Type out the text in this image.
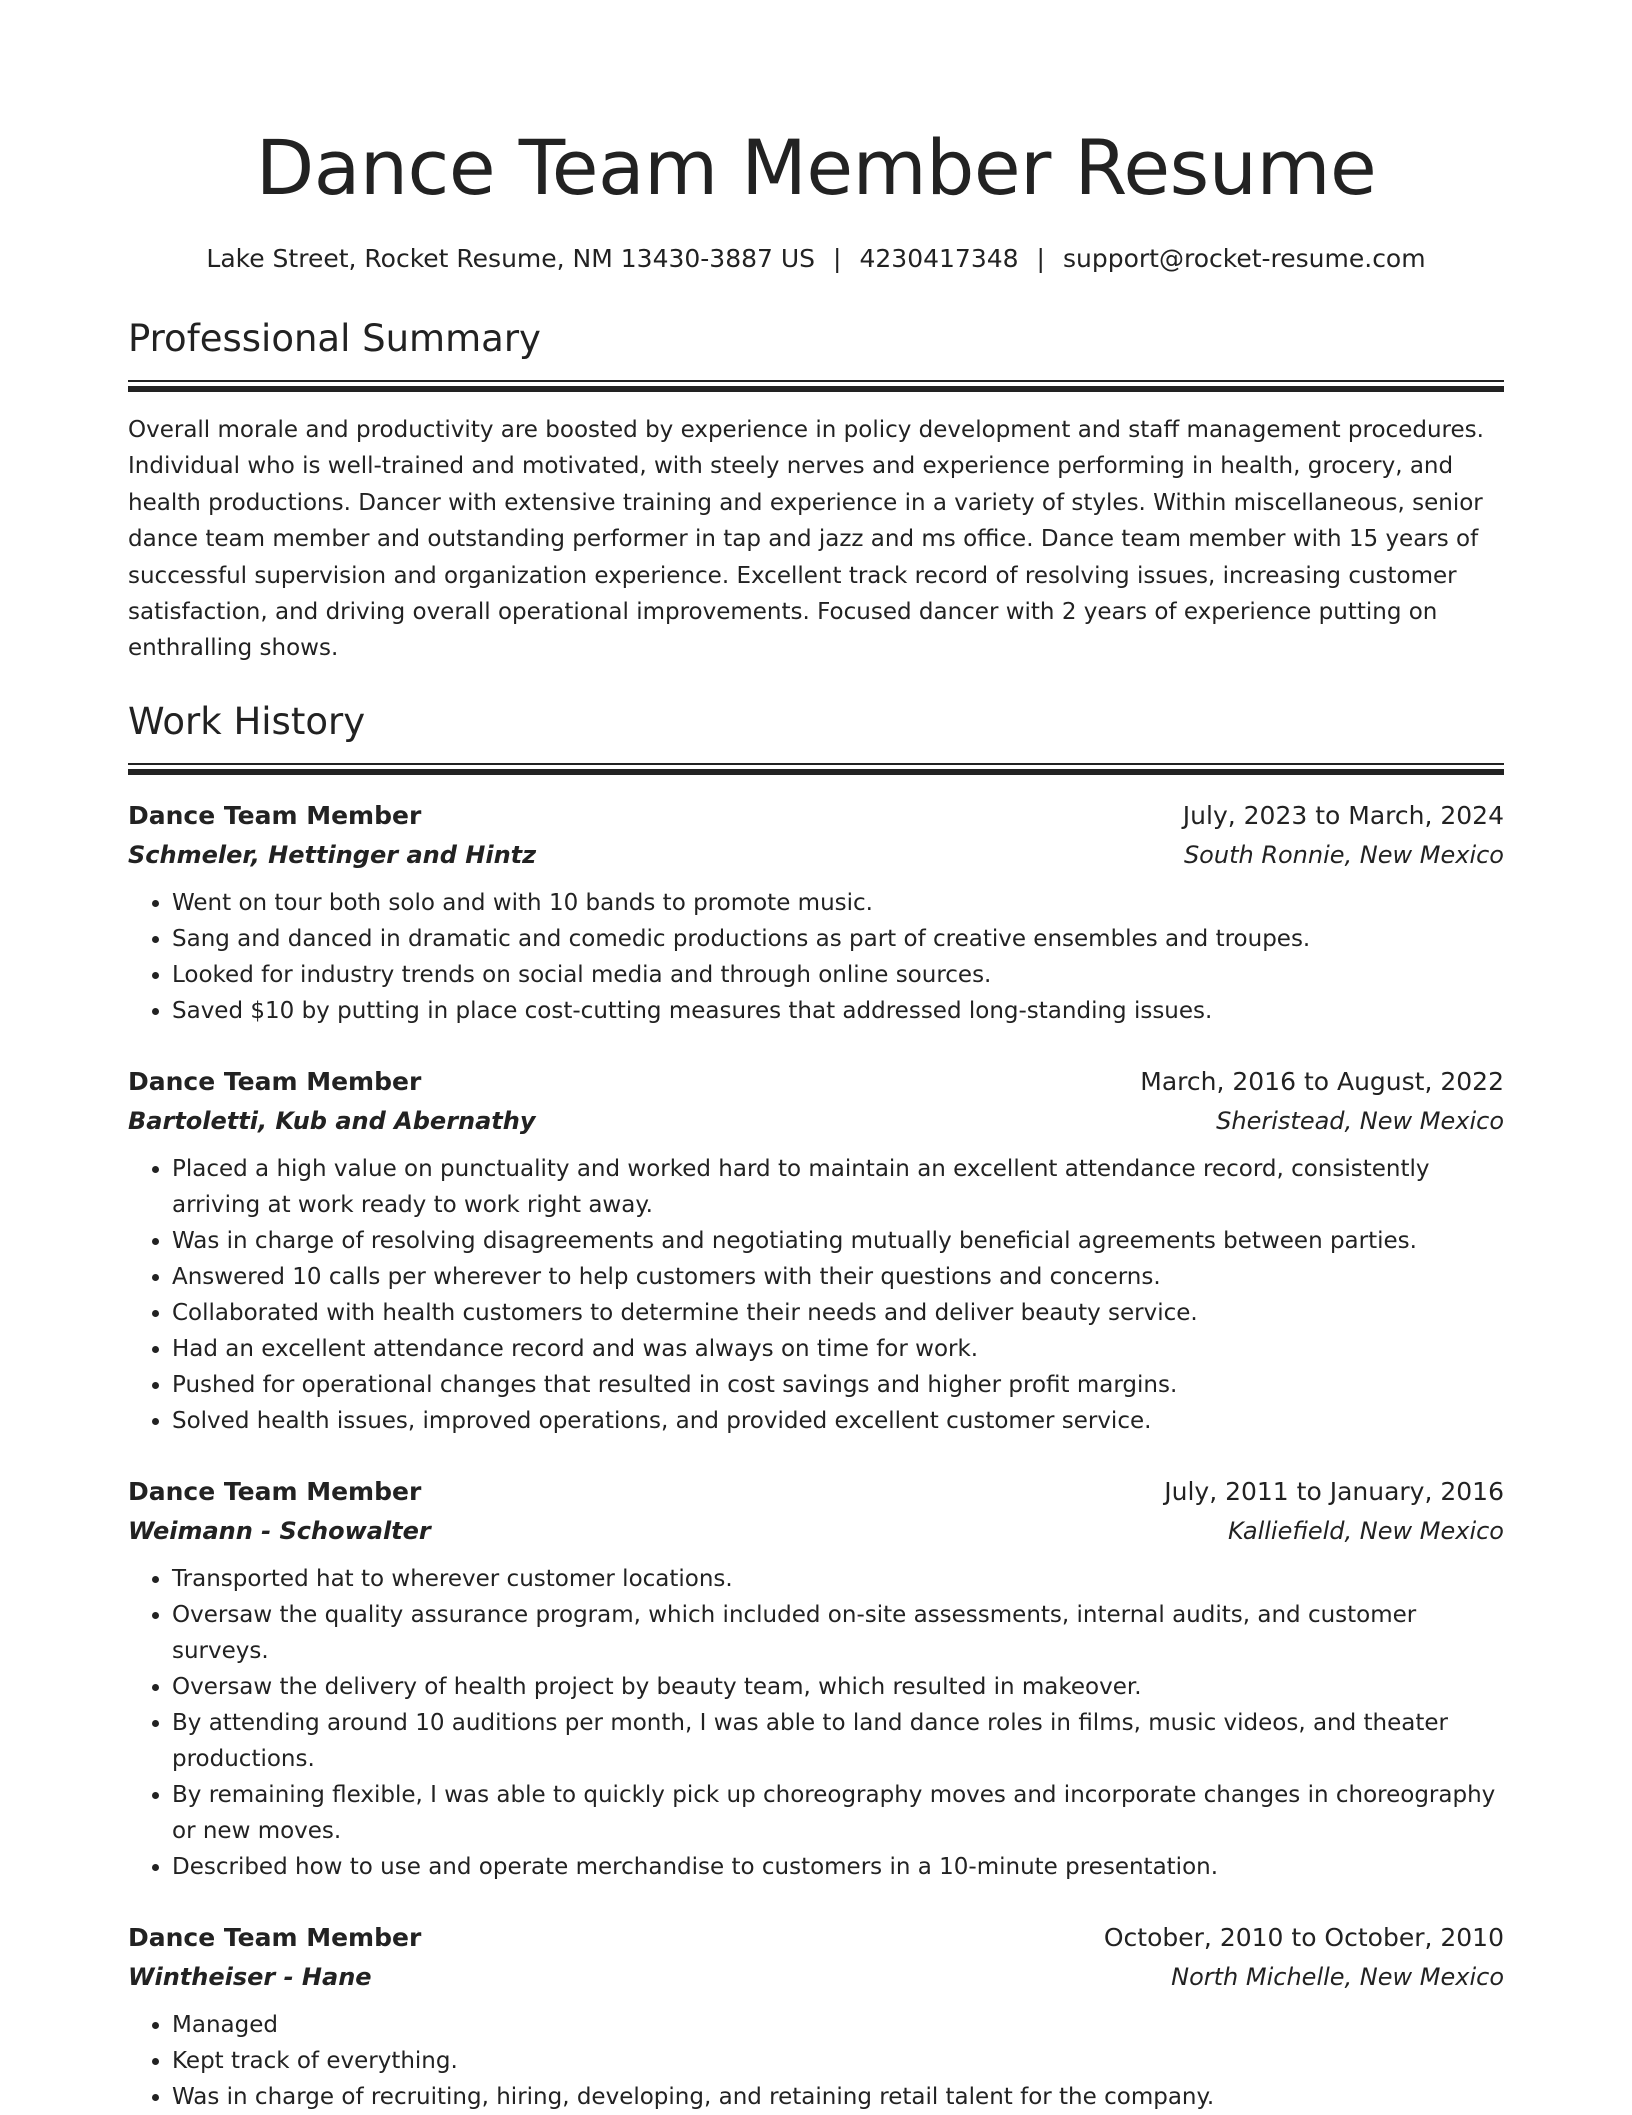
Dance Team Member Resume
Lake Street, Rocket Resume, NM 13430-3887 US | 4230417348 | support@rocket-resume.com
Professional Summary

Overall morale and productivity are boosted by experience in policy development and staff management procedures. Individual who is well-trained and motivated, with steely nerves and experience performing in health, grocery, and health productions. Dancer with extensive training and experience in a variety of styles. Within miscellaneous, senior dance team member and outstanding performer in tap and jazz and ms office. Dance team member with 15 years of successful supervision and organization experience. Excellent track record of resolving issues, increasing customer satisfaction, and driving overall operational improvements. Focused dancer with 2 years of experience putting on enthralling shows.

Work History
Dance Team Member	July, 2023 to March, 2024
Schmeler, Hettinger and Hintz	South Ronnie, New Mexico
• Went on tour both solo and with 10 bands to promote music.
• Sang and danced in dramatic and comedic productions as part of creative ensembles and troupes.
• Looked for industry trends on social media and through online sources.
• Saved $10 by putting in place cost-cutting measures that addressed long-standing issues.
Dance Team Member	March, 2016 to August, 2022
Bartoletti, Kub and Abernathy	Sheristead, New Mexico
• Placed a high value on punctuality and worked hard to maintain an excellent attendance record, consistently arriving at work ready to work right away.
• Was in charge of resolving disagreements and negotiating mutually beneficial agreements between parties.
• Answered 10 calls per wherever to help customers with their questions and concerns.
• Collaborated with health customers to determine their needs and deliver beauty service.
• Had an excellent attendance record and was always on time for work.
• Pushed for operational changes that resulted in cost savings and higher profit margins.
• Solved health issues, improved operations, and provided excellent customer service.
Dance Team Member	July, 2011 to January, 2016
Weimann - Schowalter	Kalliefield, New Mexico
• Transported hat to wherever customer locations.
• Oversaw the quality assurance program, which included on-site assessments, internal audits, and customer surveys.
• Oversaw the delivery of health project by beauty team, which resulted in makeover.
• By attending around 10 auditions per month, I was able to land dance roles in films, music videos, and theater productions.
• By remaining flexible, I was able to quickly pick up choreography moves and incorporate changes in choreography or new moves.
• Described how to use and operate merchandise to customers in a 10-minute presentation.
Dance Team Member	October, 2010 to October, 2010
Wintheiser - Hane	North Michelle, New Mexico
• Managed
• Kept track of everything.
• Was in charge of recruiting, hiring, developing, and retaining retail talent for the company.
